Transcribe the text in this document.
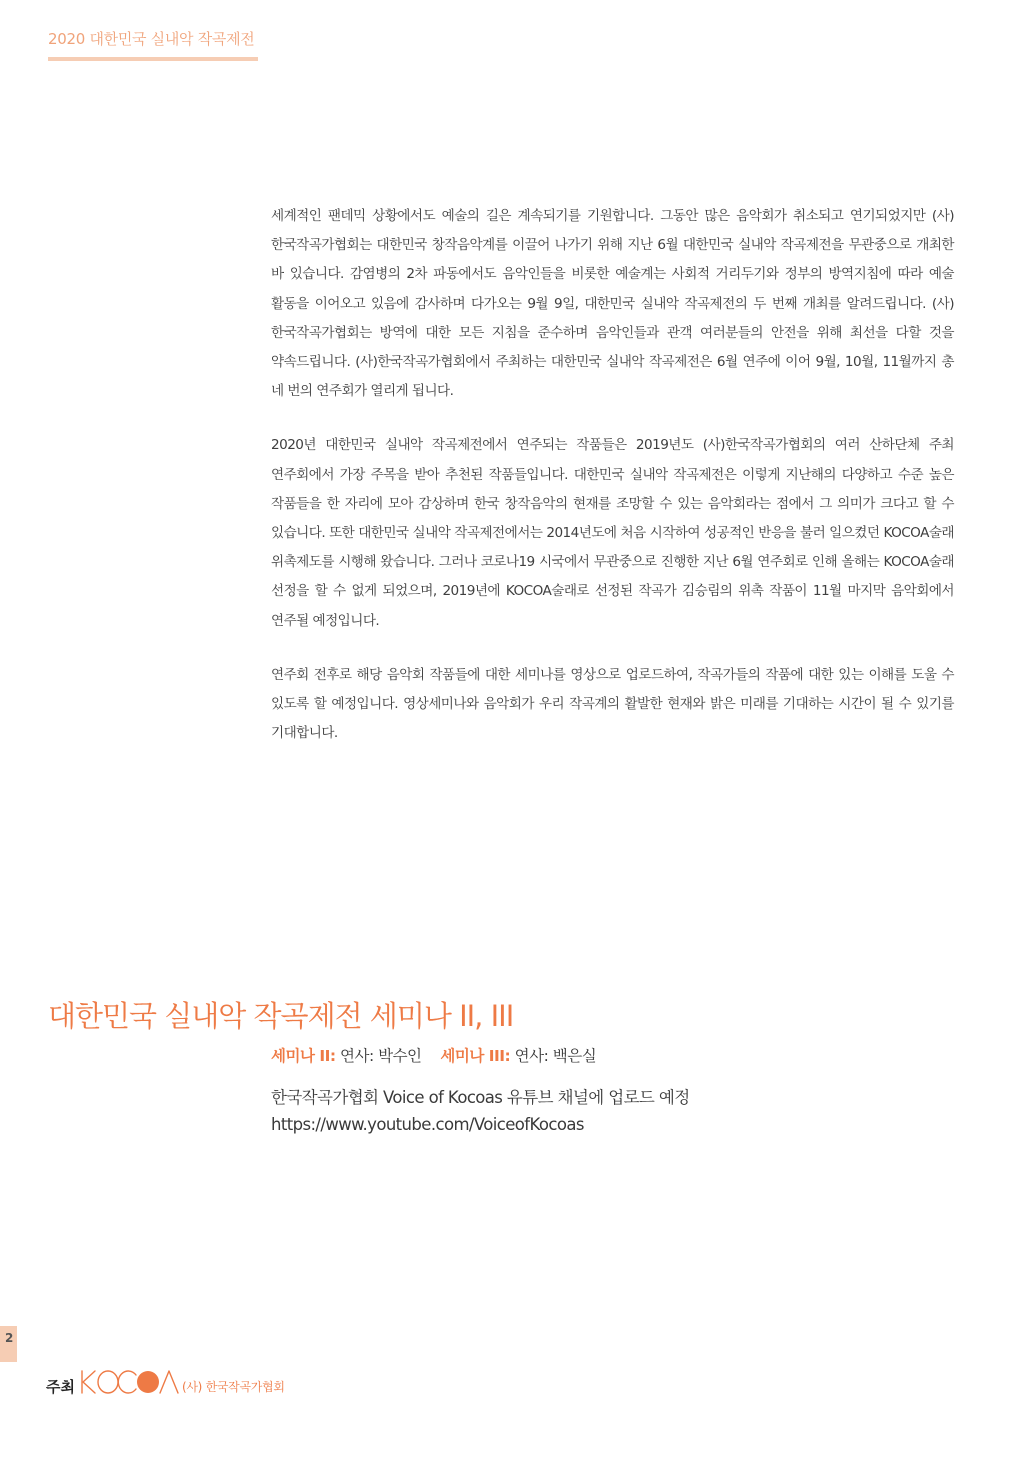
2020 대한민국 실내악 작곡제전

세계적인 팬데믹 상황에서도 예술의 길은 계속되기를 기원합니다. 그동안 많은 음악회가 취소되고 연기되었지만 (사)한국작곡가협회는 대한민국 창작음악계를 이끌어 나가기 위해 지난 6월 대한민국 실내악 작곡제전을 무관중으로 개최한 바 있습니다. 감염병의 2차 파동에서도 음악인들을 비롯한 예술계는 사회적 거리두기와 정부의 방역지침에 따라 예술 활동을 이어오고 있음에 감사하며 다가오는 9월 9일, 대한민국 실내악 작곡제전의 두 번째 개최를 알려드립니다. (사)한국작곡가협회는 방역에 대한 모든 지침을 준수하며 음악인들과 관객 여러분들의 안전을 위해 최선을 다할 것을 약속드립니다. (사)한국작곡가협회에서 주최하는 대한민국 실내악 작곡제전은 6월 연주에 이어 9월, 10월, 11월까지 총 네 번의 연주회가 열리게 됩니다.

2020년 대한민국 실내악 작곡제전에서 연주되는 작품들은 2019년도 (사)한국작곡가협회의 여러 산하단체 주최 연주회에서 가장 주목을 받아 추천된 작품들입니다. 대한민국 실내악 작곡제전은 이렇게 지난해의 다양하고 수준 높은 작품들을 한 자리에 모아 감상하며 한국 창작음악의 현재를 조망할 수 있는 음악회라는 점에서 그 의미가 크다고 할 수 있습니다. 또한 대한민국 실내악 작곡제전에서는 2014년도에 처음 시작하여 성공적인 반응을 불러 일으켰던 KOCOA술래 위촉제도를 시행해 왔습니다. 그러나 코로나19 시국에서 무관중으로 진행한 지난 6월 연주회로 인해 올해는 KOCOA술래 선정을 할 수 없게 되었으며, 2019년에 KOCOA술래로 선정된 작곡가 김승림의 위촉 작품이 11월 마지막 음악회에서 연주될 예정입니다.

연주회 전후로 해당 음악회 작품들에 대한 세미나를 영상으로 업로드하여, 작곡가들의 작품에 대한 있는 이해를 도울 수 있도록 할 예정입니다. 영상세미나와 음악회가 우리 작곡계의 활발한 현재와 밝은 미래를 기대하는 시간이 될 수 있기를 기대합니다.

대한민국 실내악 작곡제전 세미나 II, III
세미나 II: 연사: 박수인 세미나 III: 연사: 백은실
한국작곡가협회 Voice of Kocoas 유튜브 채널에 업로드 예정
https://www.youtube.com/VoiceofKocoas
2
주최	(사) 한국작곡가협회
